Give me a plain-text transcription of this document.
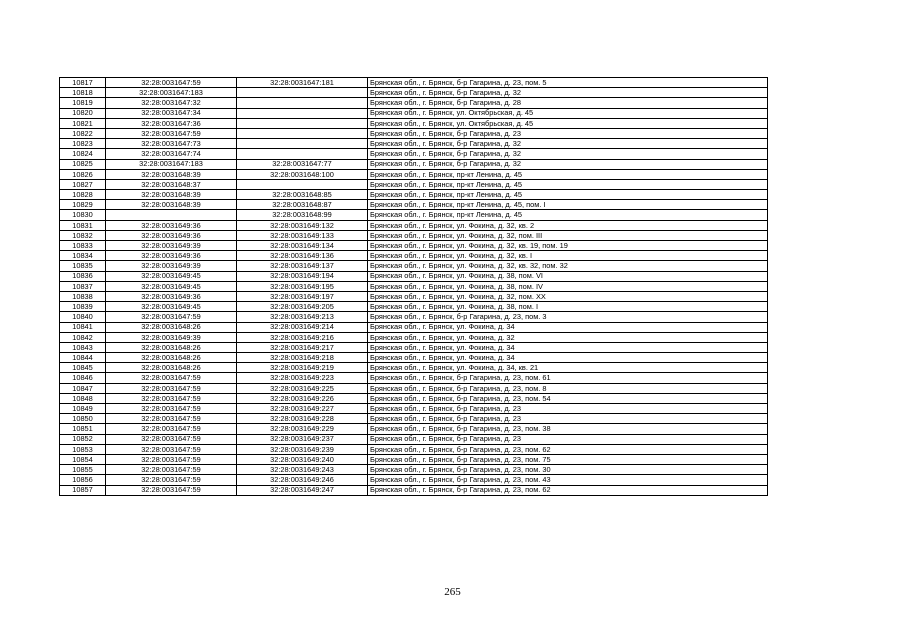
10817	32:28:0031647:59	32:28:0031647:181	Брянская обл., г. Брянск, б-р Гагарина, д. 23, пом. 5
10818	32:28:0031647:183		Брянская обл., г. Брянск, б-р Гагарина, д. 32
10819	32:28:0031647:32		Брянская обл., г. Брянск, б-р Гагарина, д. 28
10820	32:28:0031647:34		Брянская обл., г. Брянск, ул. Октябрьская, д. 45
10821	32:28:0031647:36		Брянская обл., г. Брянск, ул. Октябрьская, д. 45
10822	32:28:0031647:59		Брянская обл., г. Брянск, б-р Гагарина, д. 23
10823	32:28:0031647:73		Брянская обл., г. Брянск, б-р Гагарина, д. 32
10824	32:28:0031647:74		Брянская обл., г. Брянск, б-р Гагарина, д. 32
10825	32:28:0031647:183	32:28:0031647:77	Брянская обл., г. Брянск, б-р Гагарина, д. 32
10826	32:28:0031648:39	32:28:0031648:100	Брянская обл., г. Брянск, пр-кт Ленина, д. 45
10827	32:28:0031648:37		Брянская обл., г. Брянск, пр-кт Ленина, д. 45
10828	32:28:0031648:39	32:28:0031648:85	Брянская обл., г. Брянск, пр-кт Ленина, д. 45
10829	32:28:0031648:39	32:28:0031648:87	Брянская обл., г. Брянск, пр-кт Ленина, д. 45, пом. I
10830		32:28:0031648:99	Брянская обл., г. Брянск, пр-кт Ленина, д. 45
10831	32:28:0031649:36	32:28:0031649:132	Брянская обл., г. Брянск, ул. Фокина, д. 32, кв. 2
10832	32:28:0031649:36	32:28:0031649:133	Брянская обл., г. Брянск, ул. Фокина, д. 32, пом. III
10833	32:28:0031649:39	32:28:0031649:134	Брянская обл., г. Брянск, ул. Фокина, д. 32, кв. 19, пом. 19
10834	32:28:0031649:36	32:28:0031649:136	Брянская обл., г. Брянск, ул. Фокина, д. 32, кв. I
10835	32:28:0031649:39	32:28:0031649:137	Брянская обл., г. Брянск, ул. Фокина, д. 32, кв. 32, пом. 32
10836	32:28:0031649:45	32:28:0031649:194	Брянская обл., г. Брянск, ул. Фокина, д. 38, пом. VI
10837	32:28:0031649:45	32:28:0031649:195	Брянская обл., г. Брянск, ул. Фокина, д. 38, пом. IV
10838	32:28:0031649:36	32:28:0031649:197	Брянская обл., г. Брянск, ул. Фокина, д. 32, пом. XX
10839	32:28:0031649:45	32:28:0031649:205	Брянская обл., г. Брянск, ул. Фокина, д. 38, пом. I
10840	32:28:0031647:59	32:28:0031649:213	Брянская обл., г. Брянск, б-р Гагарина, д. 23, пом. 3
10841	32:28:0031648:26	32:28:0031649:214	Брянская обл., г. Брянск, ул. Фокина, д. 34
10842	32:28:0031649:39	32:28:0031649:216	Брянская обл., г. Брянск, ул. Фокина, д. 32
10843	32:28:0031648:26	32:28:0031649:217	Брянская обл., г. Брянск, ул. Фокина, д. 34
10844	32:28:0031648:26	32:28:0031649:218	Брянская обл., г. Брянск, ул. Фокина, д. 34
10845	32:28:0031648:26	32:28:0031649:219	Брянская обл., г. Брянск, ул. Фокина, д. 34, кв. 21
10846	32:28:0031647:59	32:28:0031649:223	Брянская обл., г. Брянск, б-р Гагарина, д. 23, пом. 61
10847	32:28:0031647:59	32:28:0031649:225	Брянская обл., г. Брянск, б-р Гагарина, д. 23, пом. 8
10848	32:28:0031647:59	32:28:0031649:226	Брянская обл., г. Брянск, б-р Гагарина, д. 23, пом. 54
10849	32:28:0031647:59	32:28:0031649:227	Брянская обл., г. Брянск, б-р Гагарина, д. 23
10850	32:28:0031647:59	32:28:0031649:228	Брянская обл., г. Брянск, б-р Гагарина, д. 23
10851	32:28:0031647:59	32:28:0031649:229	Брянская обл., г. Брянск, б-р Гагарина, д. 23, пом. 38
10852	32:28:0031647:59	32:28:0031649:237	Брянская обл., г. Брянск, б-р Гагарина, д. 23
10853	32:28:0031647:59	32:28:0031649:239	Брянская обл., г. Брянск, б-р Гагарина, д. 23, пом. 62
10854	32:28:0031647:59	32:28:0031649:240	Брянская обл., г. Брянск, б-р Гагарина, д. 23, пом. 75
10855	32:28:0031647:59	32:28:0031649:243	Брянская обл., г. Брянск, б-р Гагарина, д. 23, пом. 30
10856	32:28:0031647:59	32:28:0031649:246	Брянская обл., г. Брянск, б-р Гагарина, д. 23, пом. 43
10857	32:28:0031647:59	32:28:0031649:247	Брянская обл., г. Брянск, б-р Гагарина, д. 23, пом. 62
265
